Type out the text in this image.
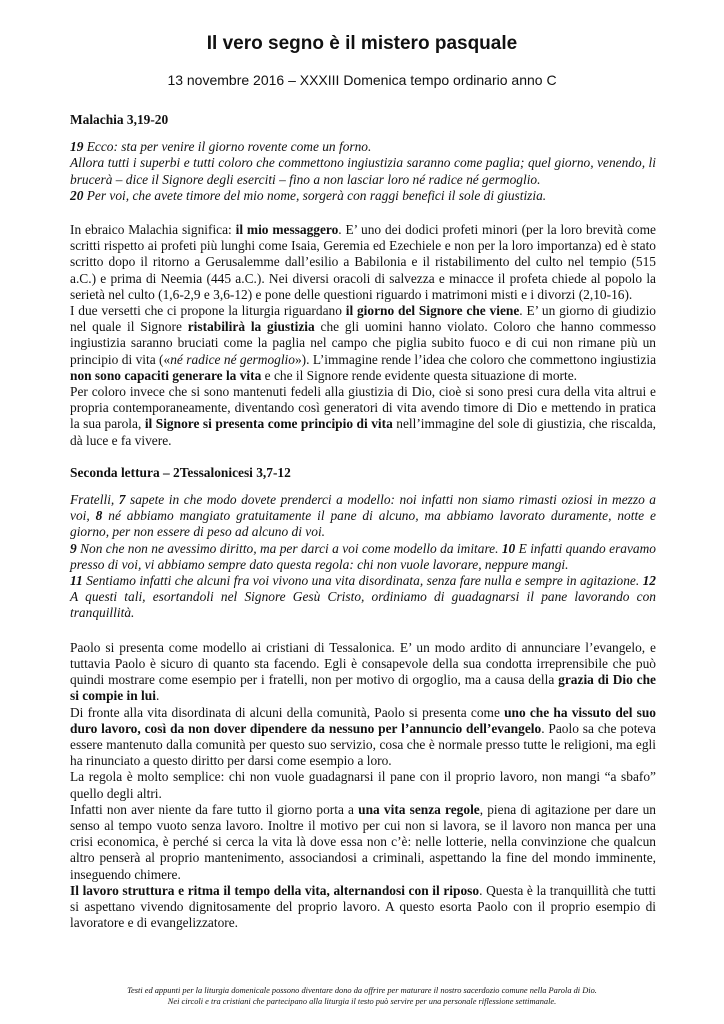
Il vero segno è il mistero pasquale
13 novembre 2016 – XXXIII Domenica tempo ordinario anno C

Malachia 3,19-20

19 Ecco: sta per venire il giorno rovente come un forno.
Allora tutti i superbi e tutti coloro che commettono ingiustizia saranno come paglia; quel giorno, venendo, li brucerà – dice il Signore degli eserciti – fino a non lasciar loro né radice né germoglio.
20 Per voi, che avete timore del mio nome, sorgerà con raggi benefici il sole di giustizia.

In ebraico Malachia significa: il mio messaggero. E’ uno dei dodici profeti minori (per la loro brevità come scritti rispetto ai profeti più lunghi come Isaia, Geremia ed Ezechiele e non per la loro importanza) ed è stato scritto dopo il ritorno a Gerusalemme dall’esilio a Babilonia e il ristabilimento del culto nel tempio (515 a.C.) e prima di Neemia (445 a.C.). Nei diversi oracoli di salvezza e minacce il profeta chiede al popolo la serietà nel culto (1,6-2,9 e 3,6-12) e pone delle questioni riguardo i matrimoni misti e i divorzi (2,10-16).

I due versetti che ci propone la liturgia riguardano il giorno del Signore che viene. E’ un giorno di giudizio nel quale il Signore ristabilirà la giustizia che gli uomini hanno violato. Coloro che hanno commesso ingiustizia saranno bruciati come la paglia nel campo che piglia subito fuoco e di cui non rimane più un principio di vita («né radice né germoglio»). L’immagine rende l’idea che coloro che commettono ingiustizia non sono capaciti generare la vita e che il Signore rende evidente questa situazione di morte.

Per coloro invece che si sono mantenuti fedeli alla giustizia di Dio, cioè si sono presi cura della vita altrui e propria contemporaneamente, diventando così generatori di vita avendo timore di Dio e mettendo in pratica la sua parola, il Signore si presenta come principio di vita nell’immagine del sole di giustizia, che riscalda, dà luce e fa vivere.

Seconda lettura – 2Tessalonicesi 3,7-12

Fratelli, 7 sapete in che modo dovete prenderci a modello: noi infatti non siamo rimasti oziosi in mezzo a voi, 8 né abbiamo mangiato gratuitamente il pane di alcuno, ma abbiamo lavorato duramente, notte e giorno, per non essere di peso ad alcuno di voi.

9 Non che non ne avessimo diritto, ma per darci a voi come modello da imitare. 10 E infatti quando eravamo presso di voi, vi abbiamo sempre dato questa regola: chi non vuole lavorare, neppure mangi.

11 Sentiamo infatti che alcuni fra voi vivono una vita disordinata, senza fare nulla e sempre in agitazione. 12 A questi tali, esortandoli nel Signore Gesù Cristo, ordiniamo di guadagnarsi il pane lavorando con tranquillità.

Paolo si presenta come modello ai cristiani di Tessalonica. E’ un modo ardito di annunciare l’evangelo, e tuttavia Paolo è sicuro di quanto sta facendo. Egli è consapevole della sua condotta irreprensibile che può quindi mostrare come esempio per i fratelli, non per motivo di orgoglio, ma a causa della grazia di Dio che si compie in lui.

Di fronte alla vita disordinata di alcuni della comunità, Paolo si presenta come uno che ha vissuto del suo duro lavoro, così da non dover dipendere da nessuno per l’annuncio dell’evangelo. Paolo sa che poteva essere mantenuto dalla comunità per questo suo servizio, cosa che è normale presso tutte le religioni, ma egli ha rinunciato a questo diritto per darsi come esempio a loro.

La regola è molto semplice: chi non vuole guadagnarsi il pane con il proprio lavoro, non mangi “a sbafo” quello degli altri.

Infatti non aver niente da fare tutto il giorno porta a una vita senza regole, piena di agitazione per dare un senso al tempo vuoto senza lavoro. Inoltre il motivo per cui non si lavora, se il lavoro non manca per una crisi economica, è perché si cerca la vita là dove essa non c’è: nelle lotterie, nella convinzione che qualcun altro penserà al proprio mantenimento, associandosi a criminali, aspettando la fine del mondo imminente, inseguendo chimere.

Il lavoro struttura e ritma il tempo della vita, alternandosi con il riposo. Questa è la tranquillità che tutti si aspettano vivendo dignitosamente del proprio lavoro. A questo esorta Paolo con il proprio esempio di lavoratore e di evangelizzatore.

Testi ed appunti per la liturgia domenicale possono diventare dono da offrire per maturare il nostro sacerdozio comune nella Parola di Dio.
Nei circoli e tra cristiani che partecipano alla liturgia il testo può servire per una personale riflessione settimanale.
